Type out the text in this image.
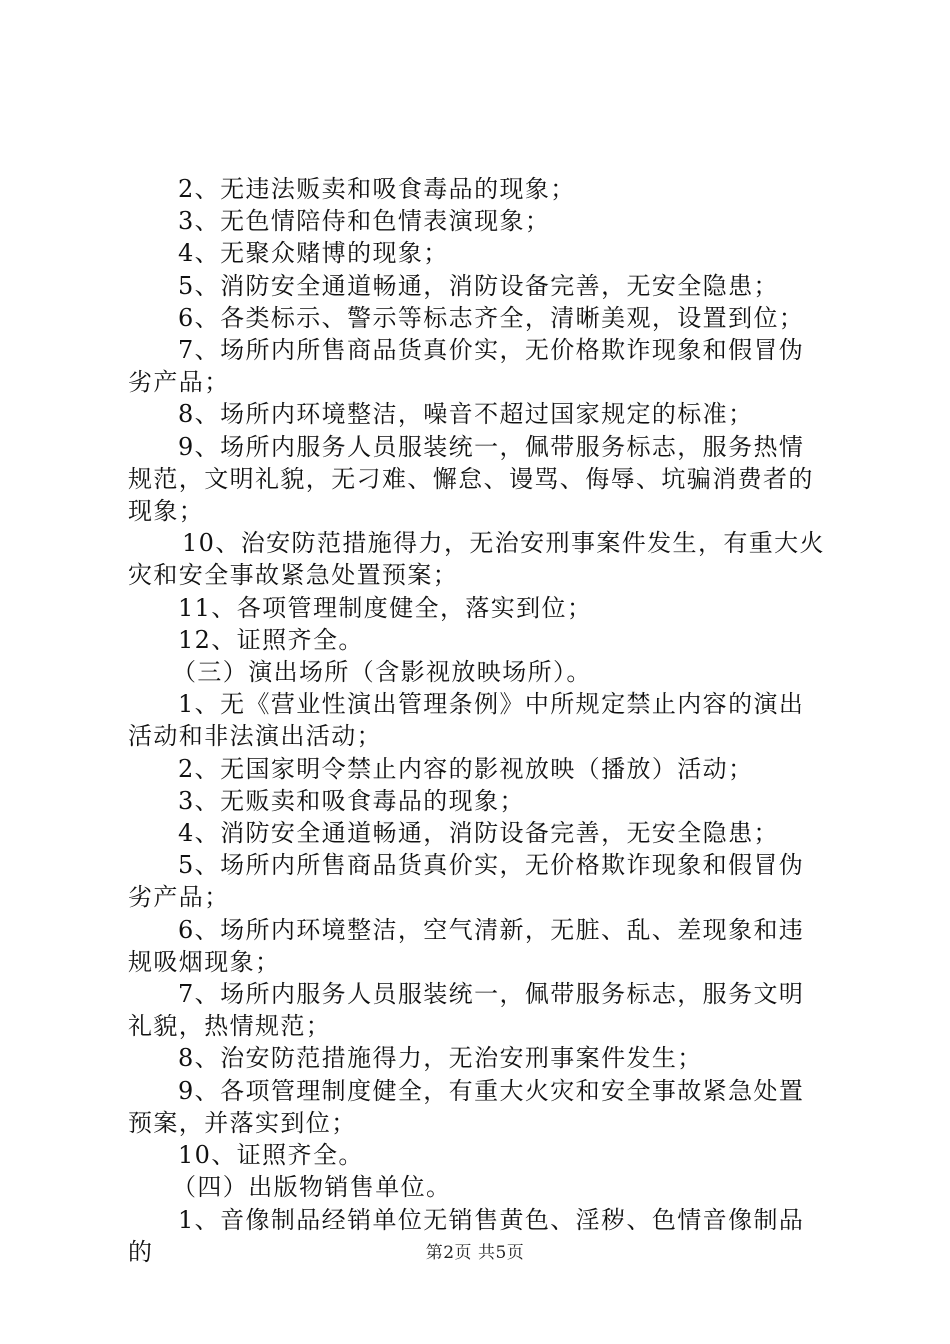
2、无违法贩卖和吸食毒品的现象；

3、无色情陪侍和色情表演现象；

4、无聚众赌博的现象；

5、消防安全通道畅通，消防设备完善，无安全隐患；

6、各类标示、警示等标志齐全，清晰美观，设置到位；

7、场所内所售商品货真价实，无价格欺诈现象和假冒伪劣产品；

8、场所内环境整洁，噪音不超过国家规定的标准；

9、场所内服务人员服装统一，佩带服务标志，服务热情规范，文明礼貌，无刁难、懈怠、谩骂、侮辱、坑骗消费者的现象；

10、治安防范措施得力，无治安刑事案件发生，有重大火灾和安全事故紧急处置预案；

11、各项管理制度健全，落实到位；

12、证照齐全。

（三）演出场所（含影视放映场所）。

1、无《营业性演出管理条例》中所规定禁止内容的演出活动和非法演出活动；

2、无国家明令禁止内容的影视放映（播放）活动；

3、无贩卖和吸食毒品的现象；

4、消防安全通道畅通，消防设备完善，无安全隐患；

5、场所内所售商品货真价实，无价格欺诈现象和假冒伪劣产品；

6、场所内环境整洁，空气清新，无脏、乱、差现象和违规吸烟现象；

7、场所内服务人员服装统一，佩带服务标志，服务文明礼貌，热情规范；

8、治安防范措施得力，无治安刑事案件发生；

9、各项管理制度健全，有重大火灾和安全事故紧急处置预案，并落实到位；

10、证照齐全。

（四）出版物销售单位。

1、音像制品经销单位无销售黄色、淫秽、色情音像制品的	第2页 共5页
